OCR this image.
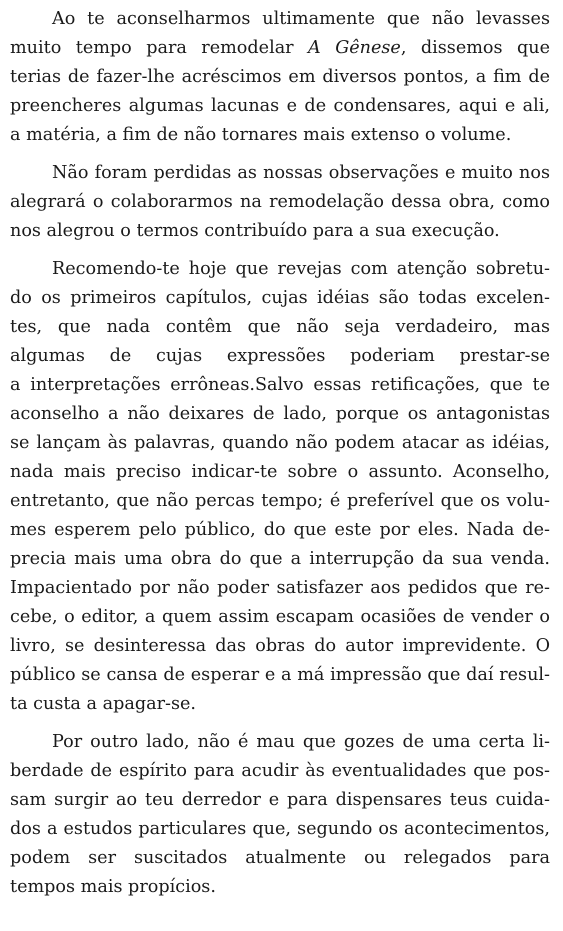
Ao te aconselharmos ultimamente que não levasses
muito tempo para remodelar A Gênese, dissemos que
terias de fazer-lhe acréscimos em diversos pontos, a fim de
preencheres algumas lacunas e de condensares, aqui e ali,
a matéria, a fim de não tornares mais extenso o volume.
Não foram perdidas as nossas observações e muito nos
alegrará o colaborarmos na remodelação dessa obra, como
nos alegrou o termos contribuído para a sua execução.
Recomendo-te hoje que revejas com atenção sobretu-
do os primeiros capítulos, cujas idéias são todas excelen-
tes, que nada contêm que não seja verdadeiro, mas
algumas de cujas expressões poderiam prestar-se
a interpretações errôneas.Salvo essas retificações, que te
aconselho a não deixares de lado, porque os antagonistas
se lançam às palavras, quando não podem atacar as idéias,
nada mais preciso indicar-te sobre o assunto. Aconselho,
entretanto, que não percas tempo; é preferível que os volu-
mes esperem pelo público, do que este por eles. Nada de-
precia mais uma obra do que a interrupção da sua venda.
Impacientado por não poder satisfazer aos pedidos que re-
cebe, o editor, a quem assim escapam ocasiões de vender o
livro, se desinteressa das obras do autor imprevidente. O
público se cansa de esperar e a má impressão que daí resul-
ta custa a apagar-se.
Por outro lado, não é mau que gozes de uma certa li-
berdade de espírito para acudir às eventualidades que pos-
sam surgir ao teu derredor e para dispensares teus cuida-
dos a estudos particulares que, segundo os acontecimentos,
podem ser suscitados atualmente ou relegados para
tempos mais propícios.
